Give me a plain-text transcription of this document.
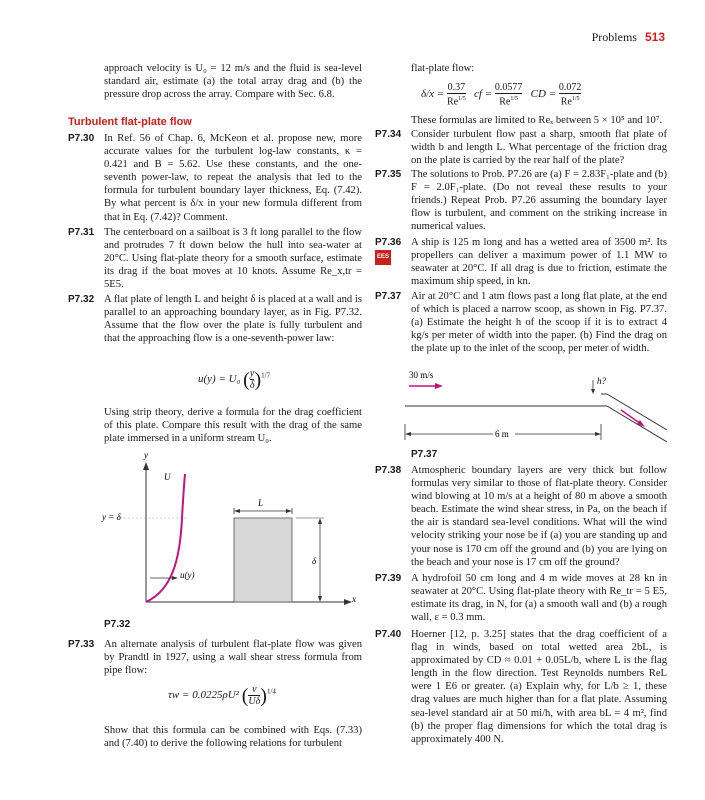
Problems 513
approach velocity is U₀ = 12 m/s and the fluid is sea-level standard air, estimate (a) the total array drag and (b) the pressure drop across the array. Compare with Sec. 6.8.
Turbulent flat-plate flow
P7.30 In Ref. 56 of Chap. 6, McKeon et al. propose new, more accurate values for the turbulent log-law constants, κ = 0.421 and B = 5.62. Use these constants, and the one-seventh power-law, to repeat the analysis that led to the formula for turbulent boundary layer thickness, Eq. (7.42). By what percent is δ/x in your new formula different from that in Eq. (7.42)? Comment.
P7.31 The centerboard on a sailboat is 3 ft long parallel to the flow and protrudes 7 ft down below the hull into sea-water at 20°C. Using flat-plate theory for a smooth surface, estimate its drag if the boat moves at 10 knots. Assume Re_x,tr = 5E5.
P7.32 A flat plate of length L and height δ is placed at a wall and is parallel to an approaching boundary layer, as in Fig. P7.32. Assume that the flow over the plate is fully turbulent and that the approaching flow is a one-seventh-power law:
u(y) = U₀ ( $\frac{y}{\delta} )^{1/7}$
Using strip theory, derive a formula for the drag coefficient of this plate. Compare this result with the drag of the same plate immersed in a uniform stream U₀.
y
x
U
y = δ
u(y)
L
δ
P7.32
P7.33 An alternate analysis of turbulent flat-plate flow was given by Prandtl in 1927, using a wall shear stress formula from pipe flow:
τw = 0.0225ρU² ( $\frac{\nu}{U\delta} )^{1/4}$
Show that this formula can be combined with Eqs. (7.33) and (7.40) to derive the following relations for turbulent
flat-plate flow:
$\delta/x = \frac{0.37}{Re^{1/5}}$ cf = $\frac{0.0577}{Re^{1/5}}$ CD = $\frac{0.072}{Re^{1/5}}$
These formulas are limited to Reₓ between 5 × 10⁵ and 10⁷.
P7.34 Consider turbulent flow past a sharp, smooth flat plate of width b and length L. What percentage of the friction drag on the plate is carried by the rear half of the plate?
P7.35 The solutions to Prob. P7.26 are (a) F = 2.83F₁-plate and (b) F = 2.0F₁-plate. (Do not reveal these results to your friends.) Repeat Prob. P7.26 assuming the boundary layer flow is turbulent, and comment on the striking increase in numerical values.
P7.36
EES
A ship is 125 m long and has a wetted area of 3500 m². Its propellers can deliver a maximum power of 1.1 MW to seawater at 20°C. If all drag is due to friction, estimate the maximum ship speed, in kn.
P7.37 Air at 20°C and 1 atm flows past a long flat plate, at the end of which is placed a narrow scoop, as shown in Fig. P7.37. (a) Estimate the height h of the scoop if it is to extract 4 kg/s per meter of width into the paper. (b) Find the drag on the plate up to the inlet of the scoop, per meter of width.
30 m/s
h?
6 m
P7.37
P7.38 Atmospheric boundary layers are very thick but follow formulas very similar to those of flat-plate theory. Consider wind blowing at 10 m/s at a height of 80 m above a smooth beach. Estimate the wind shear stress, in Pa, on the beach if the air is standard sea-level conditions. What will the wind velocity striking your nose be if (a) you are standing up and your nose is 170 cm off the ground and (b) you are lying on the beach and your nose is 17 cm off the ground?
P7.39 A hydrofoil 50 cm long and 4 m wide moves at 28 kn in seawater at 20°C. Using flat-plate theory with Re_tr = 5 E5, estimate its drag, in N, for (a) a smooth wall and (b) a rough wall, ε = 0.3 mm.
P7.40 Hoerner [12, p. 3.25] states that the drag coefficient of a flag in winds, based on total wetted area 2bL, is approximated by CD ≈ 0.01 + 0.05L/b, where L is the flag length in the flow direction. Test Reynolds numbers ReL were 1 E6 or greater. (a) Explain why, for L/b ≥ 1, these drag values are much higher than for a flat plate. Assuming sea-level standard air at 50 mi/h, with area bL = 4 m², find (b) the proper flag dimensions for which the total drag is approximately 400 N.
